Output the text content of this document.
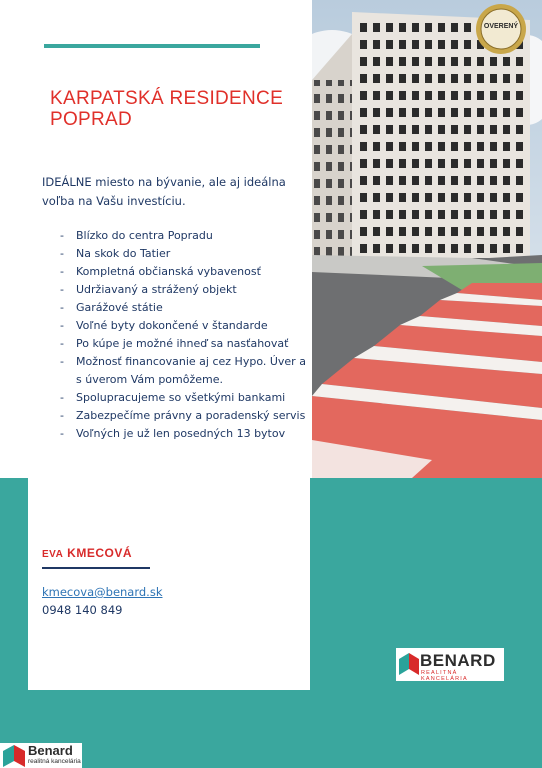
OVERENÝ
KARPATSKÁ RESIDENCE
POPRAD

IDEÁLNE miesto na bývanie, ale aj ideálna
voľba na Vašu investíciu.

- Blízko do centra Popradu
- Na skok do Tatier
- Kompletná občianská vybavenosť
- Udržiavaný a strážený objekt
- Garážové státie
- Voľné byty dokončené v štandarde
- Po kúpe je možné ihneď sa nasťahovať
- Možnosť financovanie aj cez Hypo. Úver a s úverom Vám pomôžeme.
- Spolupracujeme so všetkými bankami
- Zabezpečíme právny a poradenský servis
- Voľných je už len posedných 13 bytov

EVA KMECOVÁ

kmecova@benard.sk
0948 140 849
BENARD
REALITNÁ KANCELÁRIA
Benard
realitná kancelária
